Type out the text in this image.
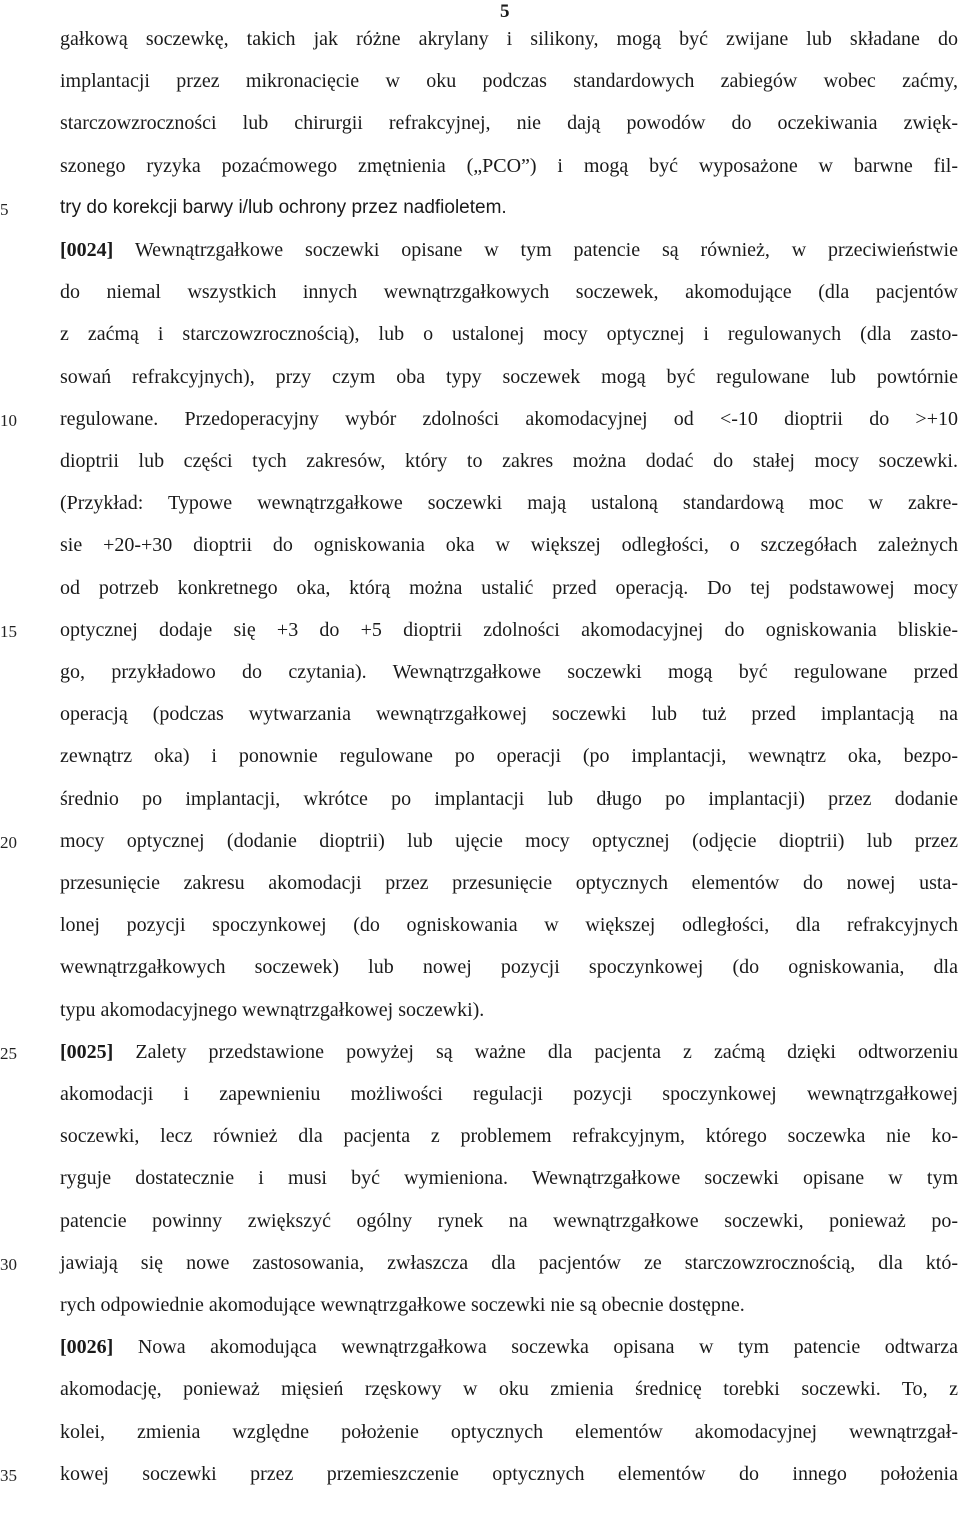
5
gałkową soczewkę, takich jak różne akrylany i silikony, mogą być zwijane lub składane do
implantacji przez mikronacięcie w oku podczas standardowych zabiegów wobec zaćmy,
starczowzroczności lub chirurgii refrakcyjnej, nie dają powodów do oczekiwania zwięk-
szonego ryzyka pozaćmowego zmętnienia („PCO”) i mogą być wyposażone w barwne fil-
try do korekcji barwy i/lub ochrony przez nadfioletem.
[0024] Wewnątrzgałkowe soczewki opisane w tym patencie są również, w przeciwieństwie
do niemal wszystkich innych wewnątrzgałkowych soczewek, akomodujące (dla pacjentów
z zaćmą i starczowzrocznością), lub o ustalonej mocy optycznej i regulowanych (dla zasto-
sowań refrakcyjnych), przy czym oba typy soczewek mogą być regulowane lub powtórnie
regulowane. Przedoperacyjny wybór zdolności akomodacyjnej od <-10 dioptrii do >+10
dioptrii lub części tych zakresów, który to zakres można dodać do stałej mocy soczewki.
(Przykład: Typowe wewnątrzgałkowe soczewki mają ustaloną standardową moc w zakre-
sie +20-+30 dioptrii do ogniskowania oka w większej odległości, o szczegółach zależnych
od potrzeb konkretnego oka, którą można ustalić przed operacją. Do tej podstawowej mocy
optycznej dodaje się +3 do +5 dioptrii zdolności akomodacyjnej do ogniskowania bliskie-
go, przykładowo do czytania). Wewnątrzgałkowe soczewki mogą być regulowane przed
operacją (podczas wytwarzania wewnątrzgałkowej soczewki lub tuż przed implantacją na
zewnątrz oka) i ponownie regulowane po operacji (po implantacji, wewnątrz oka, bezpo-
średnio po implantacji, wkrótce po implantacji lub długo po implantacji) przez dodanie
mocy optycznej (dodanie dioptrii) lub ujęcie mocy optycznej (odjęcie dioptrii) lub przez
przesunięcie zakresu akomodacji przez przesunięcie optycznych elementów do nowej usta-
lonej pozycji spoczynkowej (do ogniskowania w większej odległości, dla refrakcyjnych
wewnątrzgałkowych soczewek) lub nowej pozycji spoczynkowej (do ogniskowania, dla
typu akomodacyjnego wewnątrzgałkowej soczewki).
[0025] Zalety przedstawione powyżej są ważne dla pacjenta z zaćmą dzięki odtworzeniu
akomodacji i zapewnieniu możliwości regulacji pozycji spoczynkowej wewnątrzgałkowej
soczewki, lecz również dla pacjenta z problemem refrakcyjnym, którego soczewka nie ko-
ryguje dostatecznie i musi być wymieniona. Wewnątrzgałkowe soczewki opisane w tym
patencie powinny zwiększyć ogólny rynek na wewnątrzgałkowe soczewki, ponieważ po-
jawiają się nowe zastosowania, zwłaszcza dla pacjentów ze starczowzrocznością, dla któ-
rych odpowiednie akomodujące wewnątrzgałkowe soczewki nie są obecnie dostępne.
[0026] Nowa akomodująca wewnątrzgałkowa soczewka opisana w tym patencie odtwarza
akomodację, ponieważ mięsień rzęskowy w oku zmienia średnicę torebki soczewki. To, z
kolei, zmienia względne położenie optycznych elementów akomodacyjnej wewnątrzgał-
kowej soczewki przez przemieszczenie optycznych elementów do innego położenia
5
10
15
20
25
30
35
